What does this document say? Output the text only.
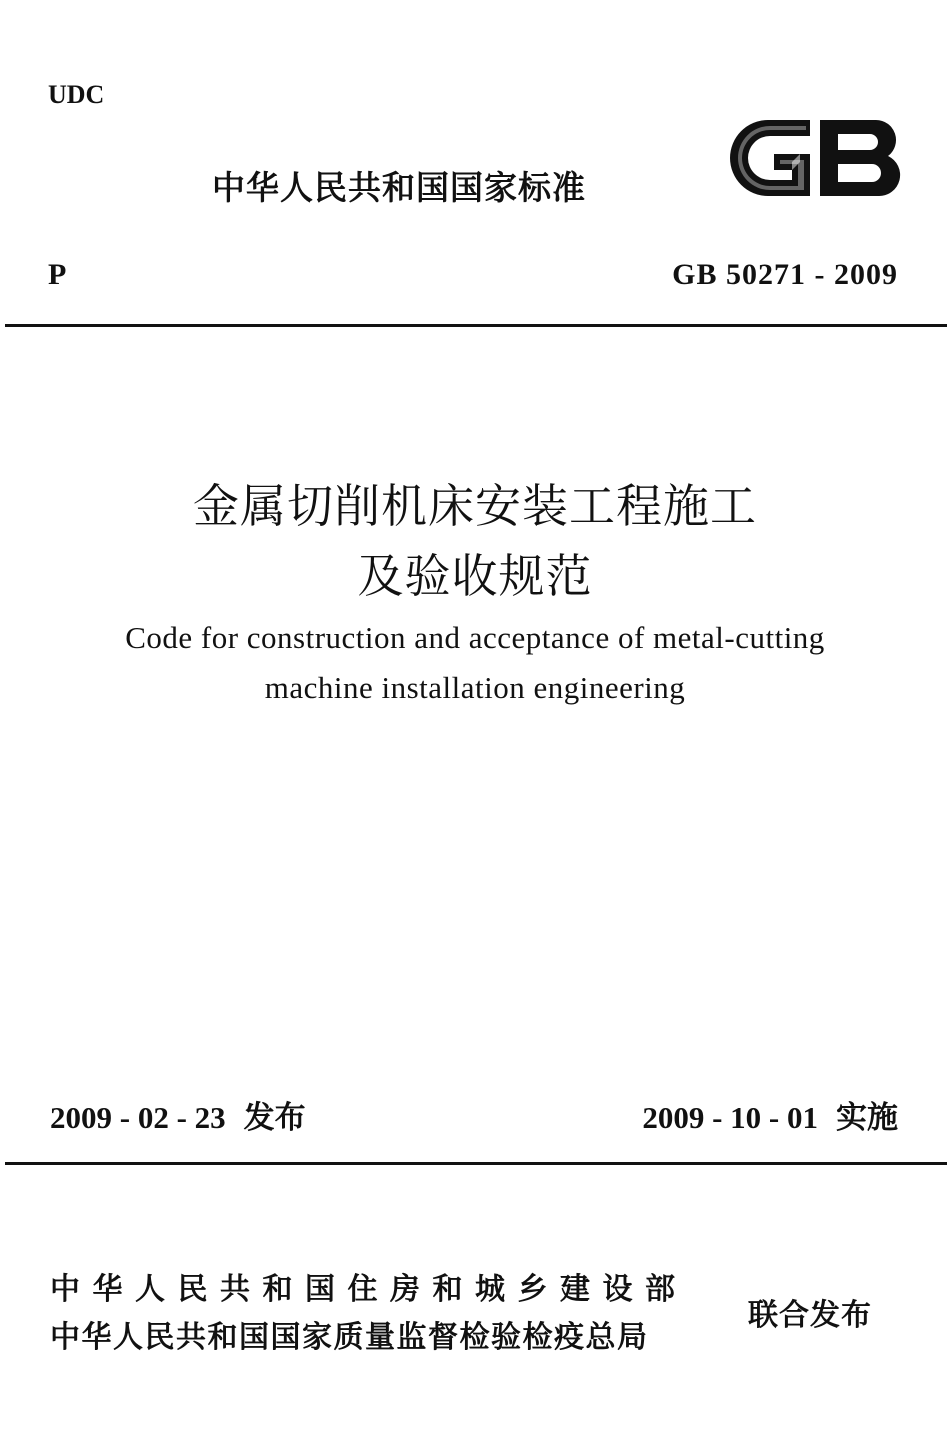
UDC
中华人民共和国国家标准
GB
P	GB 50271 - 2009
金属切削机床安装工程施工
及验收规范
Code for construction and acceptance of metal-cutting
machine installation engineering
2009 - 02 - 23 发布	2009 - 10 - 01 实施
中华人民共和国住房和城乡建设部
中华人民共和国国家质量监督检验检疫总局
联合发布
